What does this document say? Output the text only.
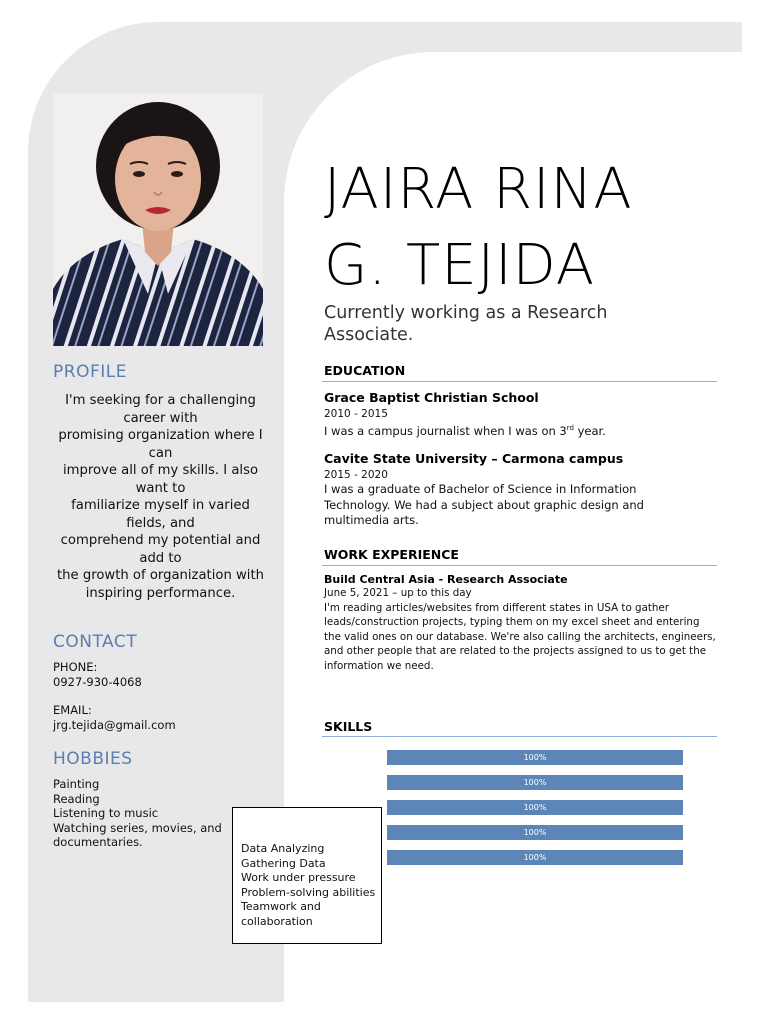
PROFILE
I'm seeking for a challenging
career with
promising organization where I
can
improve all of my skills. I also
want to
familiarize myself in varied
fields, and
comprehend my potential and
add to
the growth of organization with
inspiring performance.
CONTACT
PHONE:
0927-930-4068
EMAIL:
jrg.tejida@gmail.com
HOBBIES
Painting
Reading
Listening to music
Watching series, movies, and
documentaries.
JAIRA RINA
G. TEJIDA
Currently working as a Research Associate.
EDUCATION
Grace Baptist Christian School
2010 - 2015
I was a campus journalist when I was on 3rd year.
Cavite State University – Carmona campus
2015 - 2020
I was a graduate of Bachelor of Science in Information Technology. We had a subject about graphic design and multimedia arts.
WORK EXPERIENCE
Build Central Asia - Research Associate
June 5, 2021 – up to this day
I'm reading articles/websites from different states in USA to gather leads/construction projects, typing them on my excel sheet and entering the valid ones on our database. We're also calling the architects, engineers, and other people that are related to the projects assigned to us to get the information we need.
SKILLS
Data Analyzing
Gathering Data
Work under pressure
Problem-solving abilities
Teamwork and
collaboration
100%
100%
100%
100%
100%
